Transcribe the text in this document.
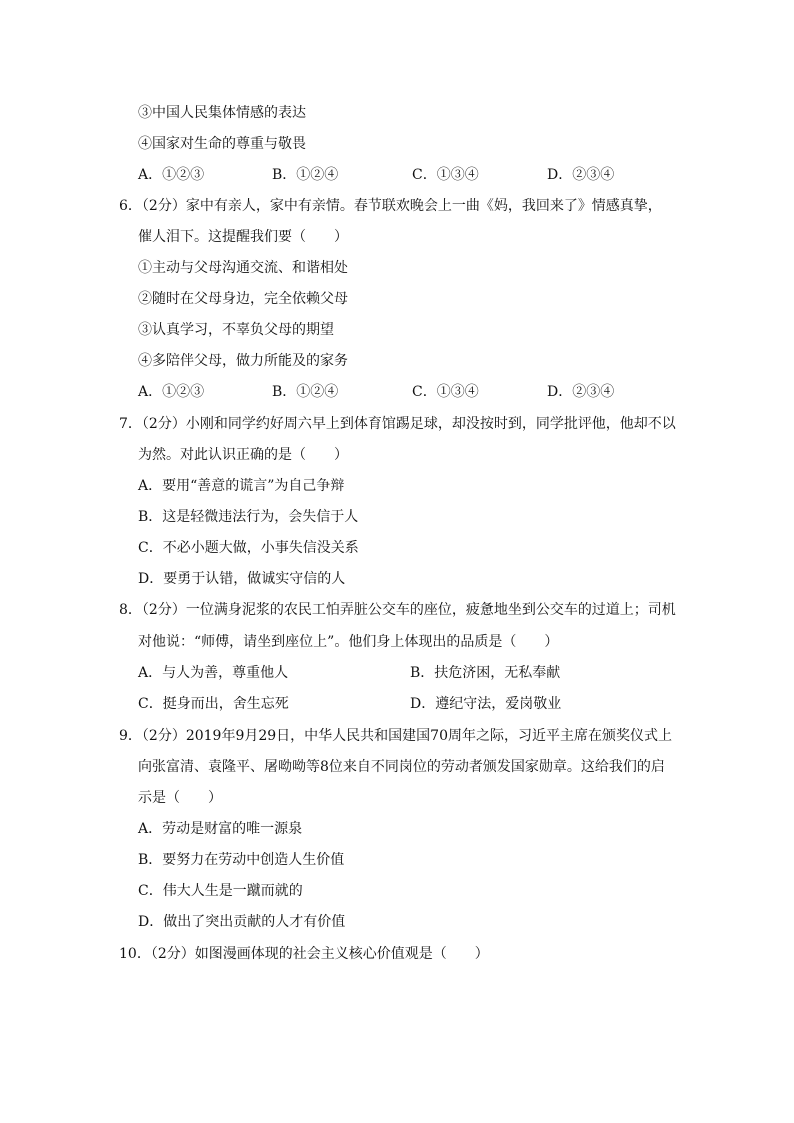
③中国人民集体情感的表达
④国家对生命的尊重与敬畏
A．①②③	B．①②④	C．①③④	D．②③④
6．（2分）家中有亲人，家中有亲情。春节联欢晚会上一曲《妈，我回来了》情感真挚，
催人泪下。这提醒我们要（　　）
①主动与父母沟通交流、和谐相处
②随时在父母身边，完全依赖父母
③认真学习，不辜负父母的期望
④多陪伴父母，做力所能及的家务
A．①②③	B．①②④	C．①③④	D．②③④
7．（2分）小刚和同学约好周六早上到体育馆踢足球，却没按时到，同学批评他，他却不以
为然。对此认识正确的是（　　）
A．要用“善意的谎言”为自己争辩
B．这是轻微违法行为，会失信于人
C．不必小题大做，小事失信没关系
D．要勇于认错，做诚实守信的人
8．（2分）一位满身泥浆的农民工怕弄脏公交车的座位，疲惫地坐到公交车的过道上；司机
对他说：“师傅，请坐到座位上”。他们身上体现出的品质是（　　）
A．与人为善，尊重他人	B．扶危济困，无私奉献
C．挺身而出，舍生忘死	D．遵纪守法，爱岗敬业
9．（2分）2019年9月29日，中华人民共和国建国70周年之际，习近平主席在颁奖仪式上
向张富清、袁隆平、屠呦呦等8位来自不同岗位的劳动者颁发国家勋章。这给我们的启
示是（　　）
A．劳动是财富的唯一源泉
B．要努力在劳动中创造人生价值
C．伟大人生是一蹴而就的
D．做出了突出贡献的人才有价值
10．（2分）如图漫画体现的社会主义核心价值观是（　　）
